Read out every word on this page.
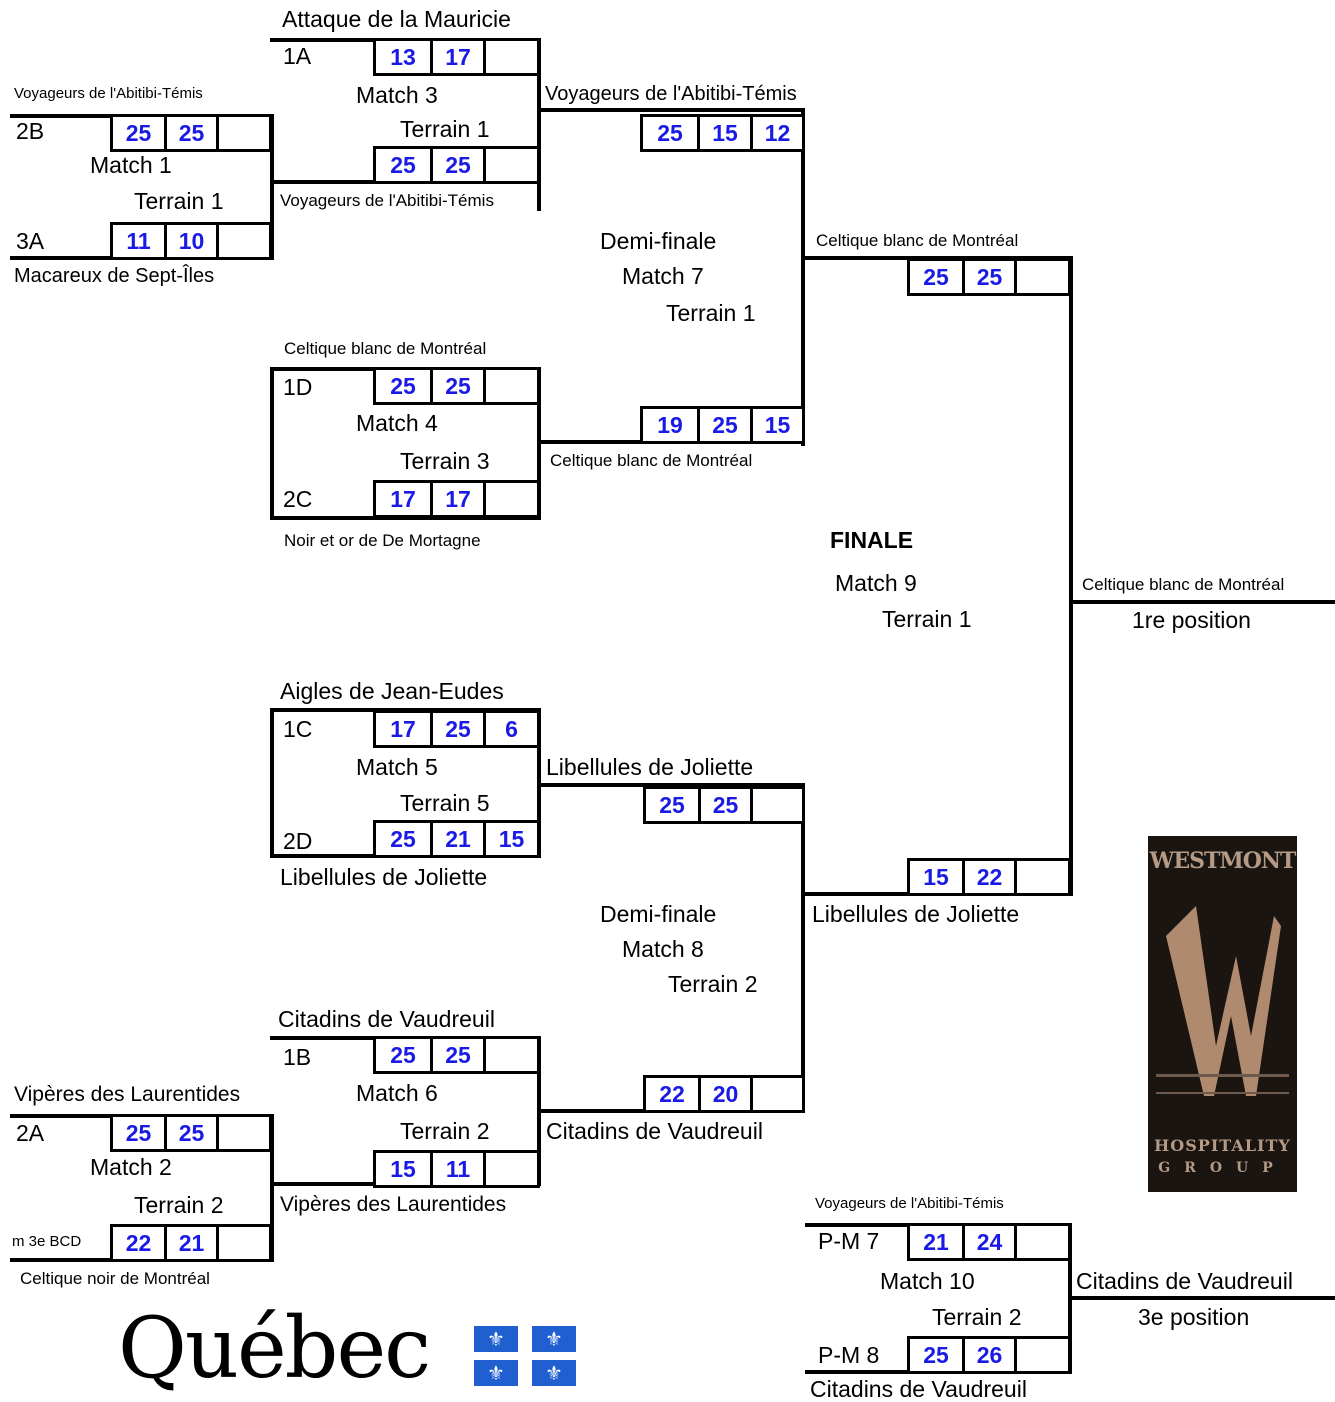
Attaque de la Mauricie
1A	13	17
Match 3
Terrain 1
25	25
Voyageurs de l'Abitibi-Témis
Voyageurs de l'Abitibi-Témis
Voyageurs de l'Abitibi-Témis
2B	25	25
Match 1
Terrain 1
3A	11	10
Macareux de Sept-Îles
25	15	12
Demi-finale
Match 7
Terrain 1
19	25	15
Celtique blanc de Montréal
Celtique blanc de Montréal
1D	25	25
Match 4
Terrain 3
2C	17	17
Noir et or de De Mortagne
Celtique blanc de Montréal
25	25
FINALE
Match 9
Terrain 1
15	22
Celtique blanc de Montréal
1re position
Aigles de Jean-Eudes
1C	17	25	6
Match 5
Terrain 5
2D	25	21	15
Libellules de Joliette
Libellules de Joliette
25	25
Demi-finale
Match 8
Terrain 2
22	20
Libellules de Joliette
Citadins de Vaudreuil
1B	25	25
Match 6
Terrain 2
15	11
Vipères des Laurentides
Citadins de Vaudreuil
Vipères des Laurentides
2A	25	25
Match 2
Terrain 2
m 3e BCD	22	21
Celtique noir de Montréal
Voyageurs de l'Abitibi-Témis
P-M 7	21	24
Match 10
Terrain 2
P-M 8	25	26
Citadins de Vaudreuil
Citadins de Vaudreuil
3e position
WESTMONT
HOSPITALITY
GROUP
Québec	⚜	⚜
⚜	⚜
